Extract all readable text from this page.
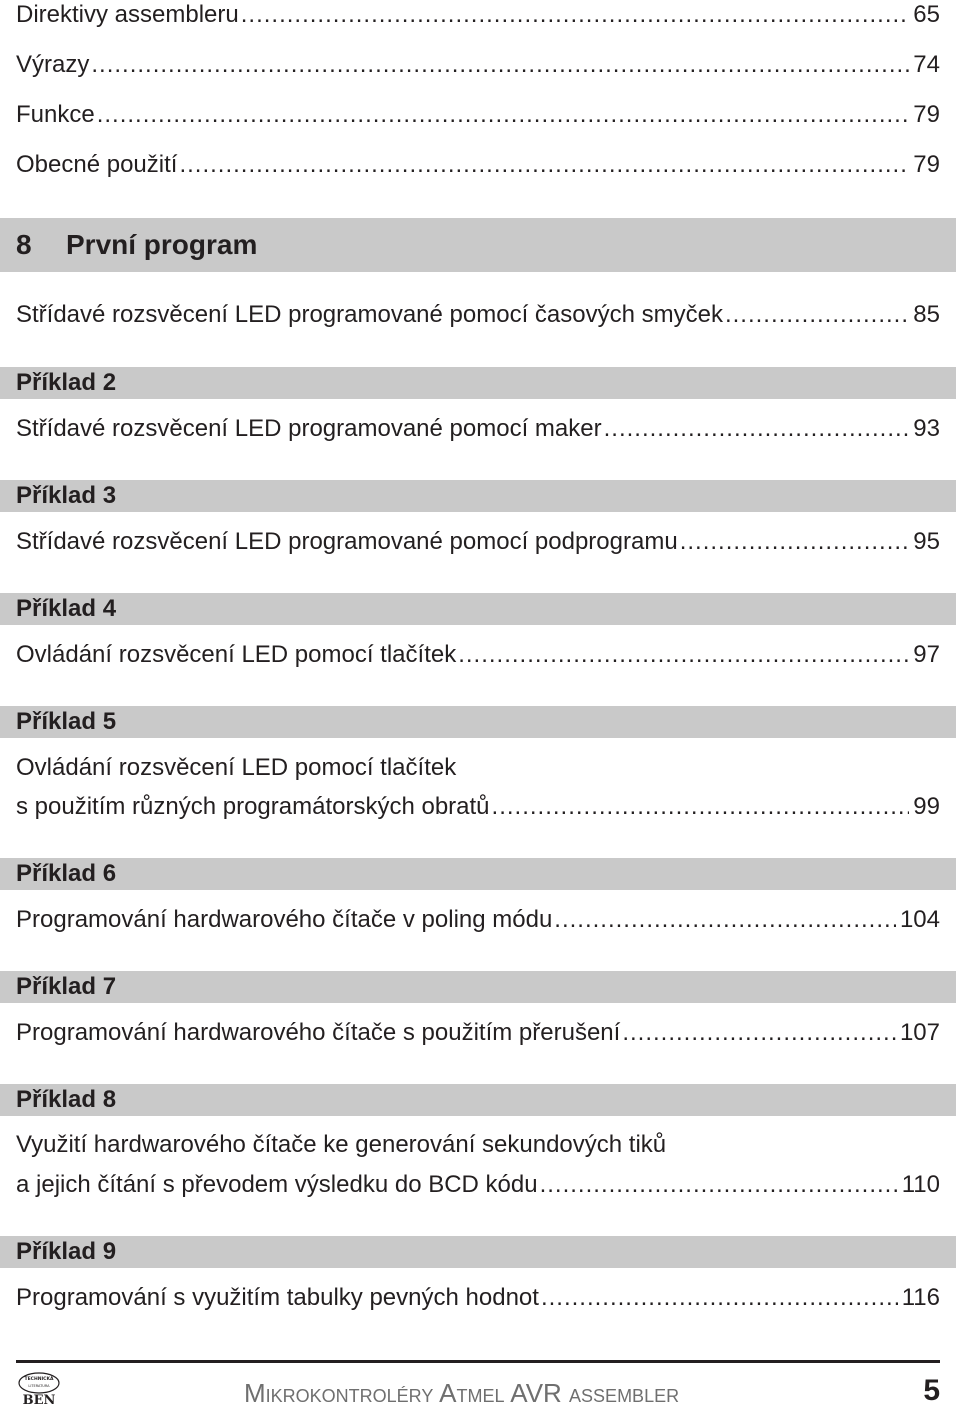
Direktivy assembleru .....	65
Výrazy .....	74
Funkce .....	79
Obecné použití .....	79
8 První program
Střídavé rozsvěcení LED programované pomocí časových smyček .....	85
Příklad 2
Střídavé rozsvěcení LED programované pomocí maker .....	93
Příklad 3
Střídavé rozsvěcení LED programované pomocí podprogramu .....	95
Příklad 4
Ovládání rozsvěcení LED pomocí tlačítek .....	97
Příklad 5
Ovládání rozsvěcení LED pomocí tlačítek
s použitím různých programátorských obratů .....	99
Příklad 6
Programování hardwarového čítače v poling módu .....	104
Příklad 7
Programování hardwarového čítače s použitím přerušení .....	107
Příklad 8
Využití hardwarového čítače ke generování sekundových tiků
a jejich čítání s převodem výsledku do BCD kódu .....	110
Příklad 9
Programování s využitím tabulky pevných hodnot .....	116
TECHNICKÁ
LITERATURA
BEN	Mikrokontroléry Atmel AVR assembler	5
